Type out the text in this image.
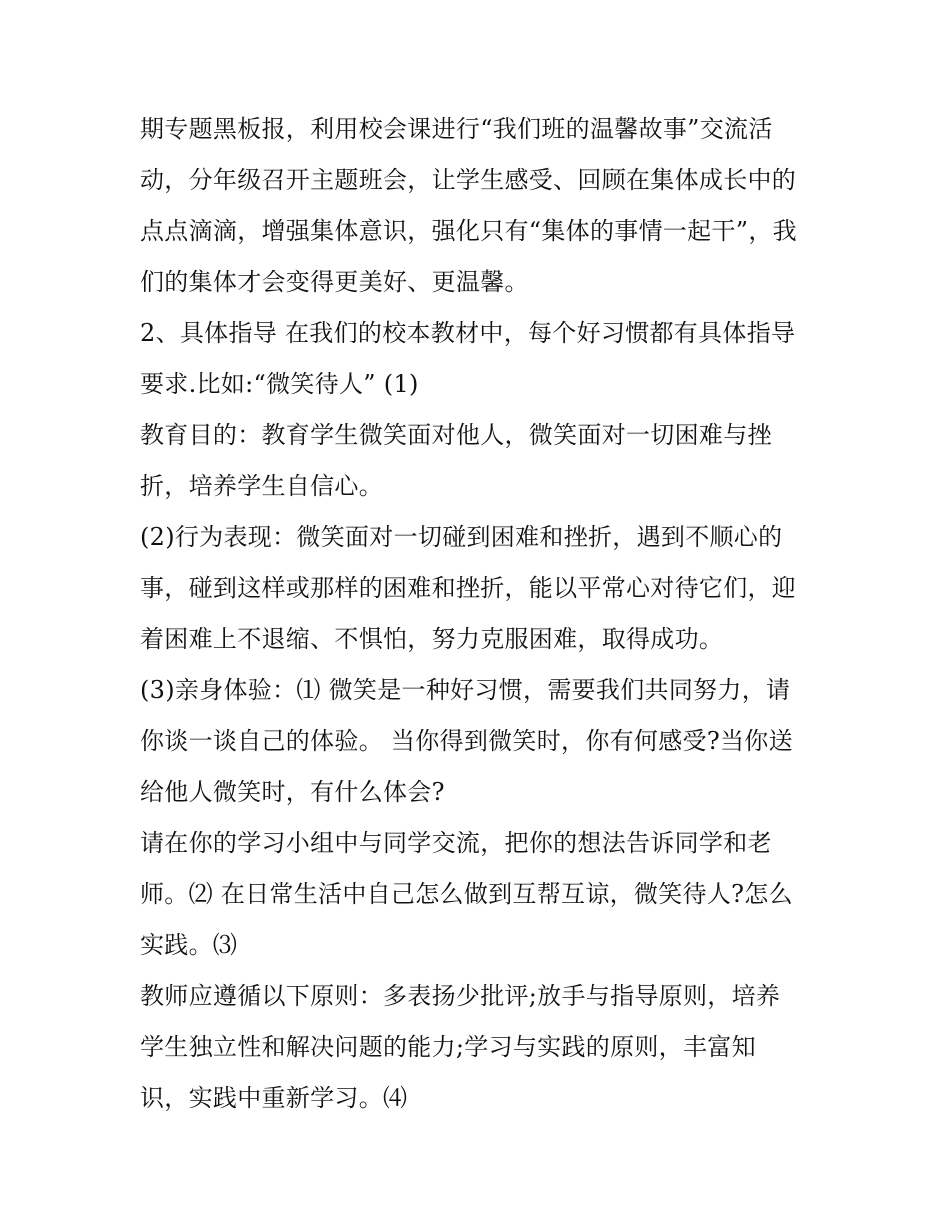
期专题黑板报，利用校会课进行“我们班的温馨故事”交流活
动，分年级召开主题班会，让学生感受、回顾在集体成长中的
点点滴滴，增强集体意识，强化只有“集体的事情一起干”，我
们的集体才会变得更美好、更温馨。
2、具体指导 在我们的校本教材中，每个好习惯都有具体指导
要求.比如:“微笑待人” (1)
教育目的：教育学生微笑面对他人，微笑面对一切困难与挫
折，培养学生自信心。
(2)行为表现：微笑面对一切碰到困难和挫折，遇到不顺心的
事，碰到这样或那样的困难和挫折，能以平常心对待它们，迎
着困难上不退缩、不惧怕，努力克服困难，取得成功。
(3)亲身体验：⑴ 微笑是一种好习惯，需要我们共同努力，请
你谈一谈自己的体验。 当你得到微笑时，你有何感受?当你送
给他人微笑时，有什么体会?
请在你的学习小组中与同学交流，把你的想法告诉同学和老
师。⑵ 在日常生活中自己怎么做到互帮互谅，微笑待人?怎么
实践。⑶
教师应遵循以下原则：多表扬少批评;放手与指导原则，培养
学生独立性和解决问题的能力;学习与实践的原则，丰富知
识，实践中重新学习。⑷
